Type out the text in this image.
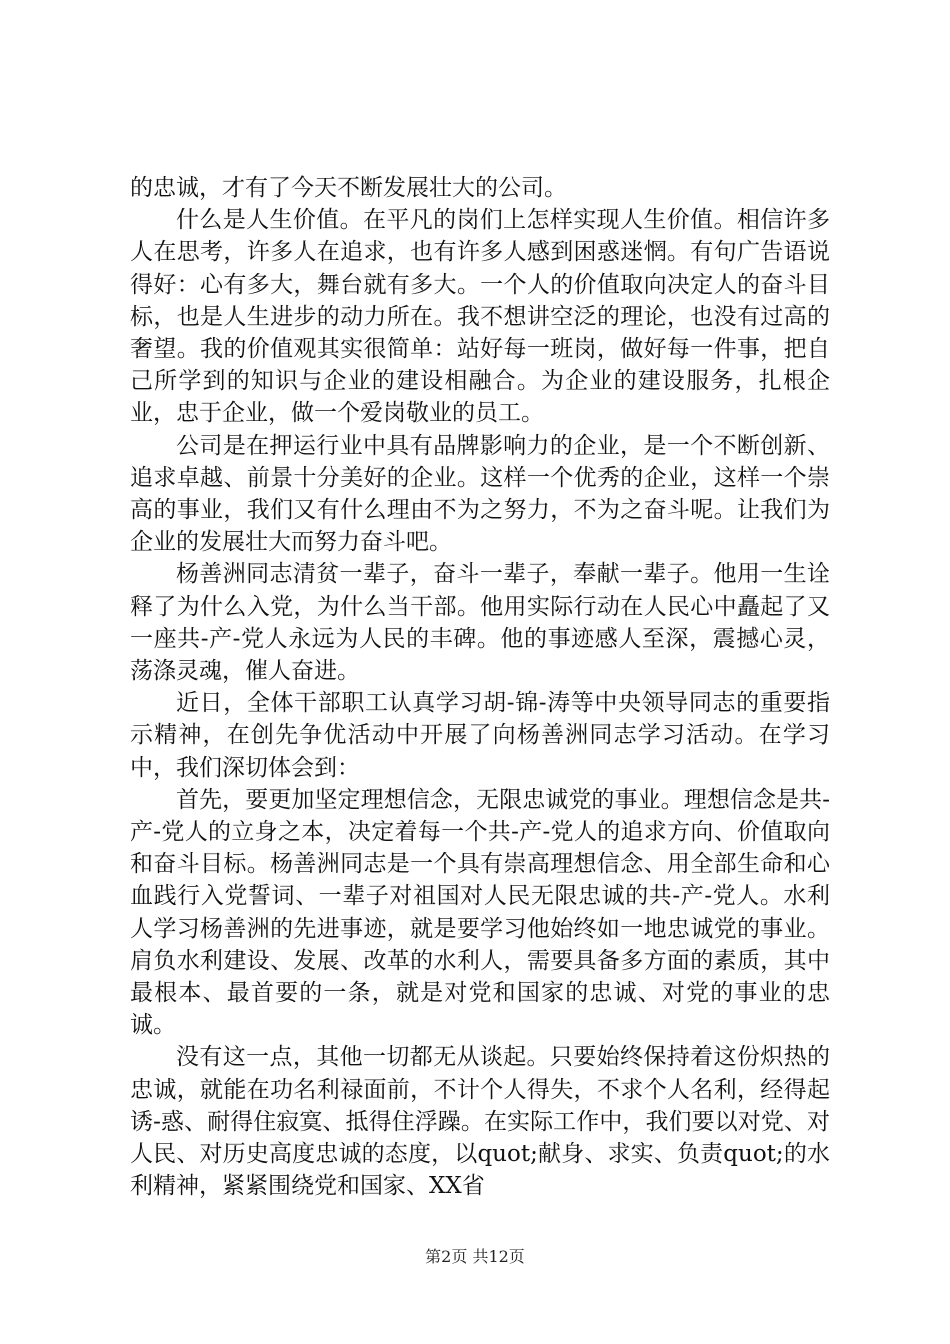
的忠诚，才有了今天不断发展壮大的公司。

什么是人生价值。在平凡的岗们上怎样实现人生价值。相信许多人在思考，许多人在追求，也有许多人感到困惑迷惘。有句广告语说得好：心有多大，舞台就有多大。一个人的价值取向决定人的奋斗目标，也是人生进步的动力所在。我不想讲空泛的理论，也没有过高的奢望。我的价值观其实很简单：站好每一班岗，做好每一件事，把自己所学到的知识与企业的建设相融合。为企业的建设服务，扎根企业，忠于企业，做一个爱岗敬业的员工。

公司是在押运行业中具有品牌影响力的企业，是一个不断创新、追求卓越、前景十分美好的企业。这样一个优秀的企业，这样一个崇高的事业，我们又有什么理由不为之努力，不为之奋斗呢。让我们为企业的发展壮大而努力奋斗吧。

杨善洲同志清贫一辈子，奋斗一辈子，奉献一辈子。他用一生诠释了为什么入党，为什么当干部。他用实际行动在人民心中矗起了又一座共-产-党人永远为人民的丰碑。他的事迹感人至深，震撼心灵，荡涤灵魂，催人奋进。

近日，全体干部职工认真学习胡-锦-涛等中央领导同志的重要指示精神，在创先争优活动中开展了向杨善洲同志学习活动。在学习中，我们深切体会到：

首先，要更加坚定理想信念，无限忠诚党的事业。理想信念是共-产-党人的立身之本，决定着每一个共-产-党人的追求方向、价值取向和奋斗目标。杨善洲同志是一个具有崇高理想信念、用全部生命和心血践行入党誓词、一辈子对祖国对人民无限忠诚的共-产-党人。水利人学习杨善洲的先进事迹，就是要学习他始终如一地忠诚党的事业。肩负水利建设、发展、改革的水利人，需要具备多方面的素质，其中最根本、最首要的一条，就是对党和国家的忠诚、对党的事业的忠诚。

没有这一点，其他一切都无从谈起。只要始终保持着这份炽热的忠诚，就能在功名利禄面前，不计个人得失，不求个人名利，经得起诱-惑、耐得住寂寞、抵得住浮躁。在实际工作中，我们要以对党、对人民、对历史高度忠诚的态度，以quot;献身、求实、负责quot;的水利精神，紧紧围绕党和国家、XX省

第2页 共12页
